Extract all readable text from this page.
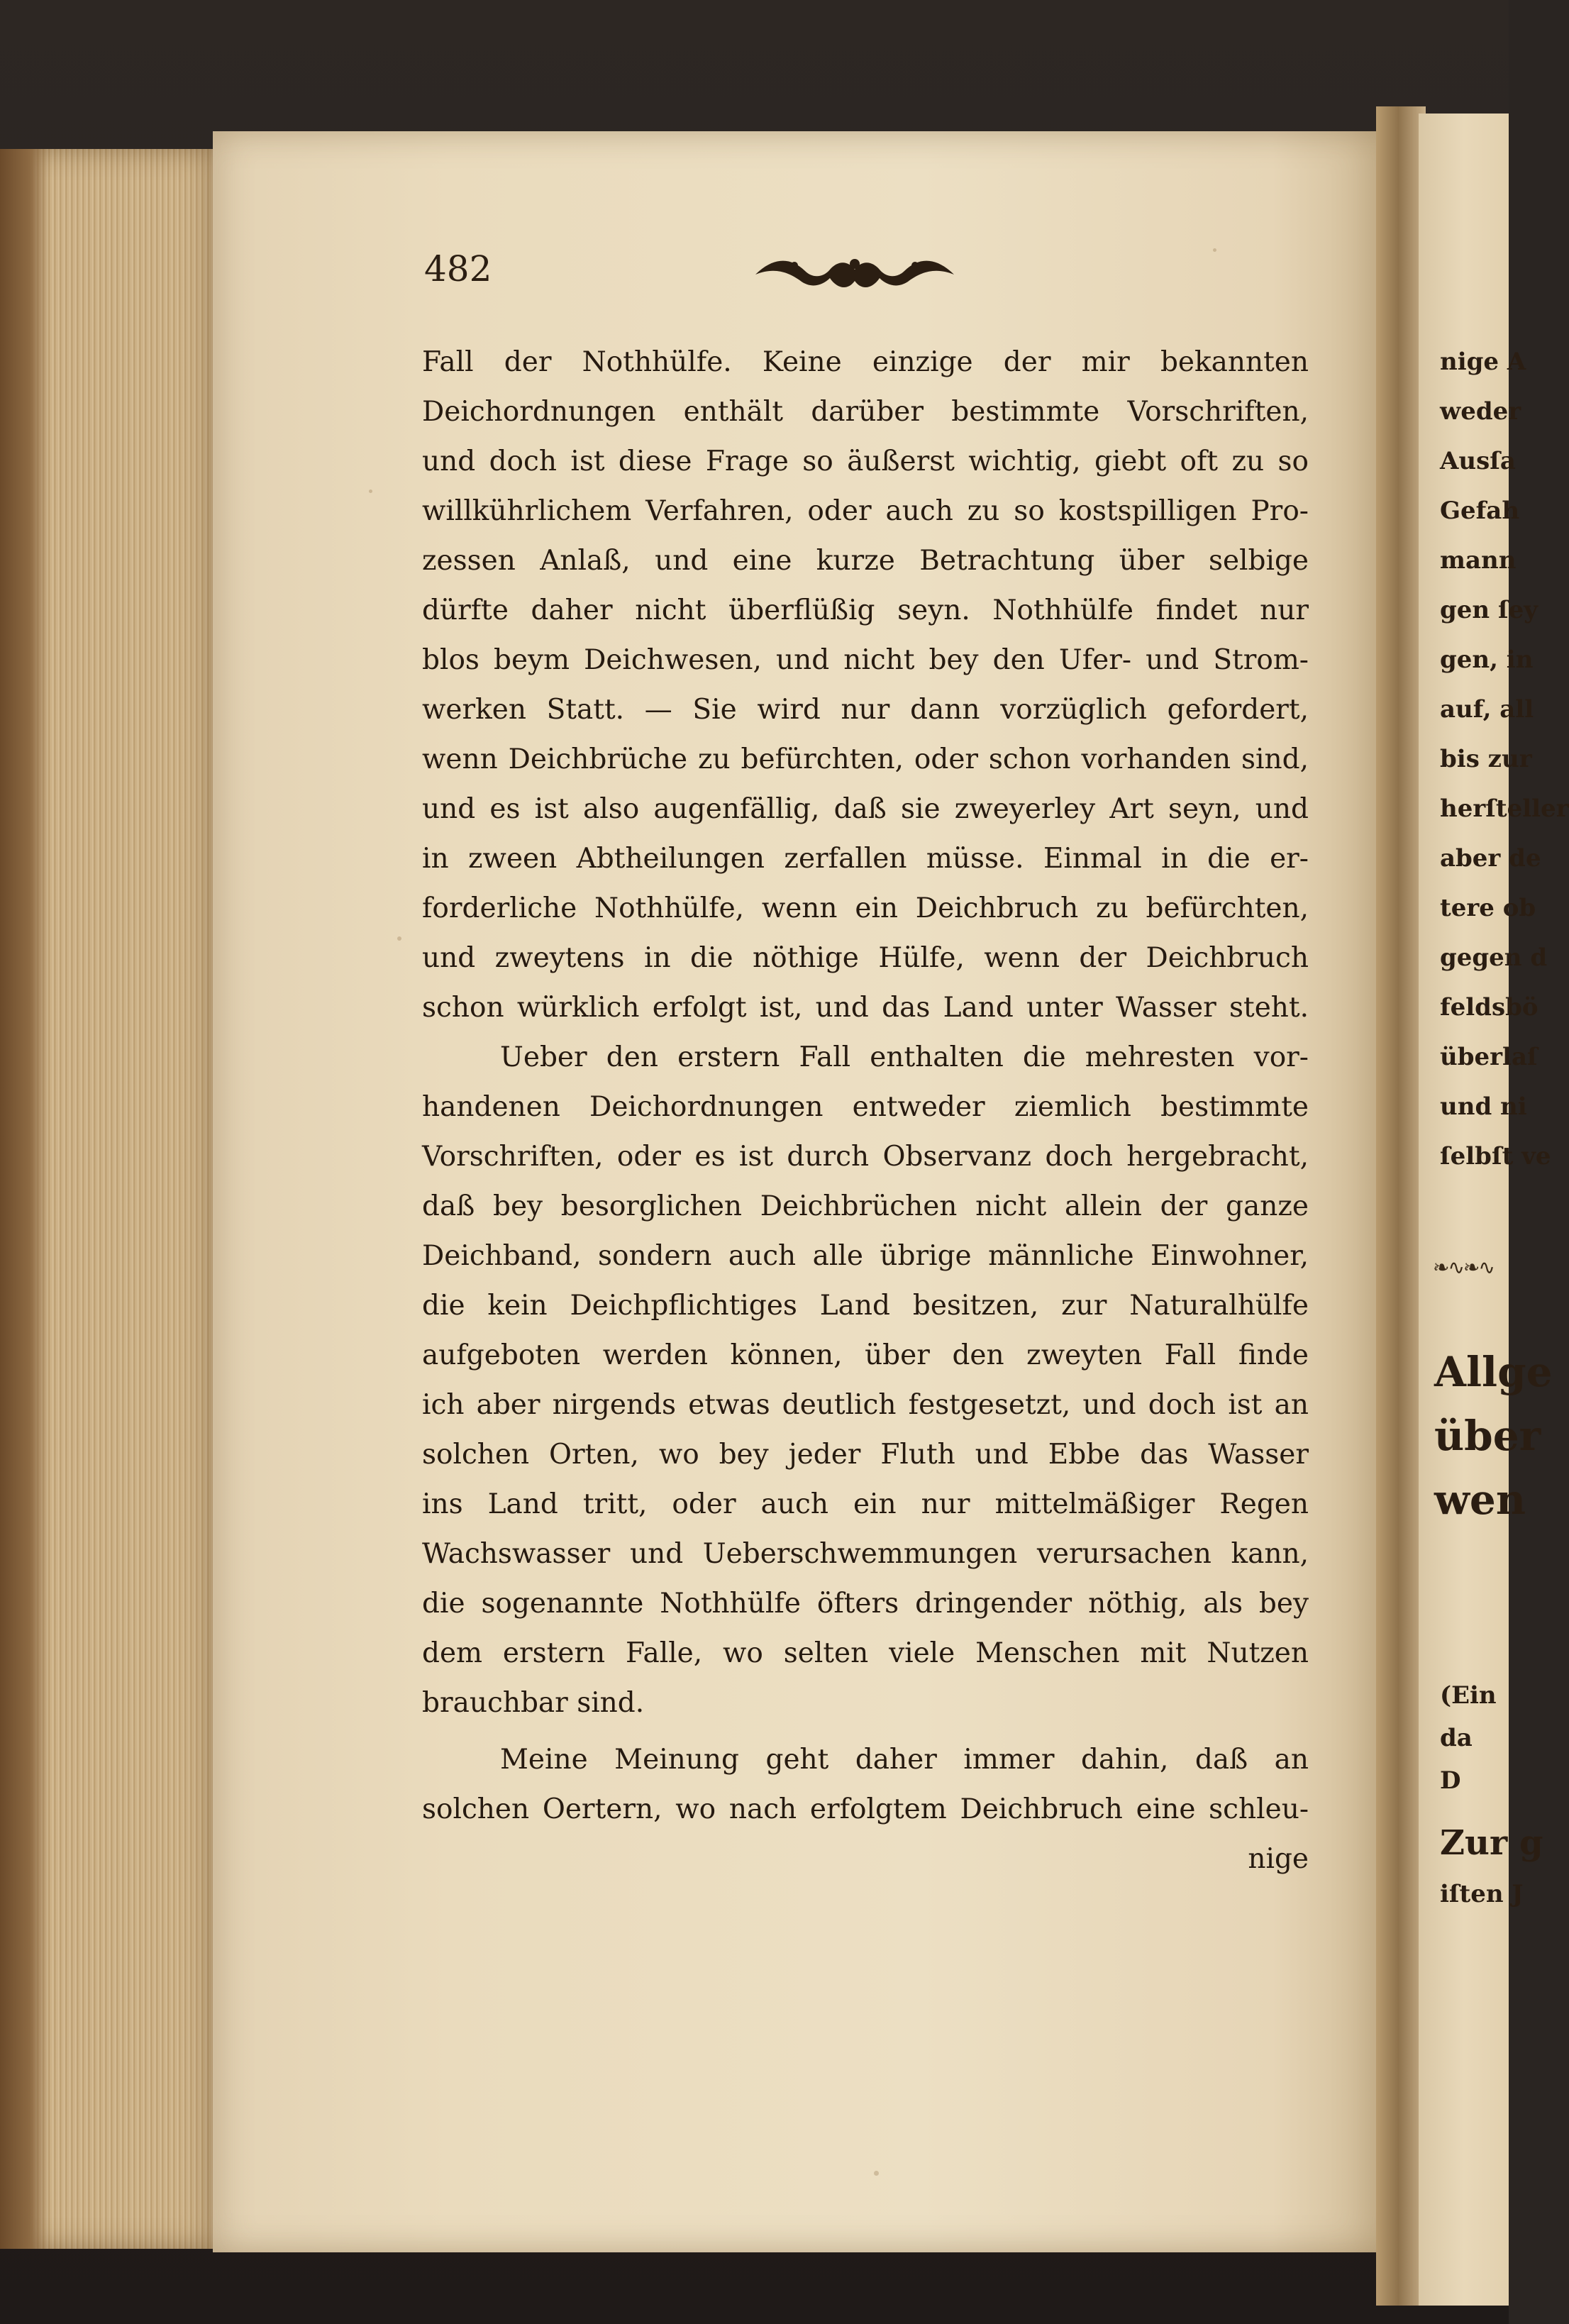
nige A
weder
Ausſa
Gefah
mann
gen ſey
gen, in
auf, all
bis zur
herſteller
aber de
tere ob
gegen d
feldsbö
überlaſ
und ni
ſelbſt ve
❧∿❧∿
Allge
über
wen
(Ein
da
D
Zur g
iſten J
482
Fall der Nothhülfe. Keine einzige der mir bekannten
Deichordnungen enthält darüber bestimmte Vorschriften,
und doch ist diese Frage so äußerst wichtig, giebt oft zu so
willkührlichem Verfahren, oder auch zu so kostspilligen Pro-
zessen Anlaß, und eine kurze Betrachtung über selbige
dürfte daher nicht überflüßig seyn. Nothhülfe findet nur
blos beym Deichwesen, und nicht bey den Ufer- und Strom-
werken Statt. — Sie wird nur dann vorzüglich gefordert,
wenn Deichbrüche zu befürchten, oder schon vorhanden sind,
und es ist also augenfällig, daß sie zweyerley Art seyn, und
in zween Abtheilungen zerfallen müsse. Einmal in die er-
forderliche Nothhülfe, wenn ein Deichbruch zu befürchten,
und zweytens in die nöthige Hülfe, wenn der Deichbruch
schon würklich erfolgt ist, und das Land unter Wasser steht.
Ueber den erstern Fall enthalten die mehresten vor-
handenen Deichordnungen entweder ziemlich bestimmte
Vorschriften, oder es ist durch Observanz doch hergebracht,
daß bey besorglichen Deichbrüchen nicht allein der ganze
Deichband, sondern auch alle übrige männliche Einwohner,
die kein Deichpflichtiges Land besitzen, zur Naturalhülfe
aufgeboten werden können, über den zweyten Fall finde
ich aber nirgends etwas deutlich festgesetzt, und doch ist an
solchen Orten, wo bey jeder Fluth und Ebbe das Wasser
ins Land tritt, oder auch ein nur mittelmäßiger Regen
Wachswasser und Ueberschwemmungen verursachen kann,
die sogenannte Nothhülfe öfters dringender nöthig, als bey
dem erstern Falle, wo selten viele Menschen mit Nutzen
brauchbar sind.
Meine Meinung geht daher immer dahin, daß an
solchen Oertern, wo nach erfolgtem Deichbruch eine schleu-
nige
